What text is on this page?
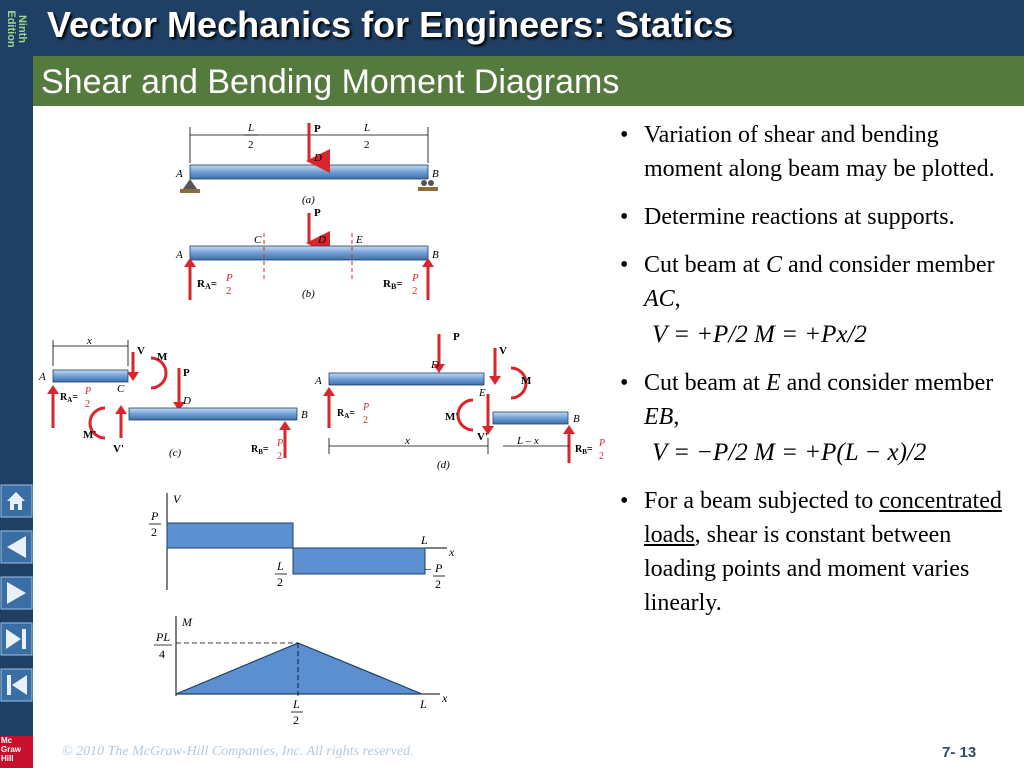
Ninth
Edition Vector Mechanics for Engineers: Statics
Shear and Bending Moment Diagrams
Mc
Graw
Hill
L
2
L
2
P
D
A	B
(a)
P
C	D	E
A	B
RA= P
2
RB= P
2
(b)
x
A
C
$R_A=$
P
2
V M
P
D
B
V'
M'
$R_B=$
P
2
(c)
P
D
A
E
$R_A=$
P
2
V'
M'
V
M
B
$R_B=$
P
2
x	L – x
(d)
V
x
P
2
L
2
L
– P
2
M
x
PL
4
L
2
L
• Variation of shear and bending moment along beam may be plotted.
• Determine reactions at supports.
• Cut beam at C and consider member AC,
V = +P/2 M = +Px/2
• Cut beam at E and consider member EB,
V = −P/2 M = +P(L − x)/2
• For a beam subjected to concentrated loads, shear is constant between loading points and moment varies linearly.
© 2010 The McGraw-Hill Companies, Inc. All rights reserved.	7- 13
